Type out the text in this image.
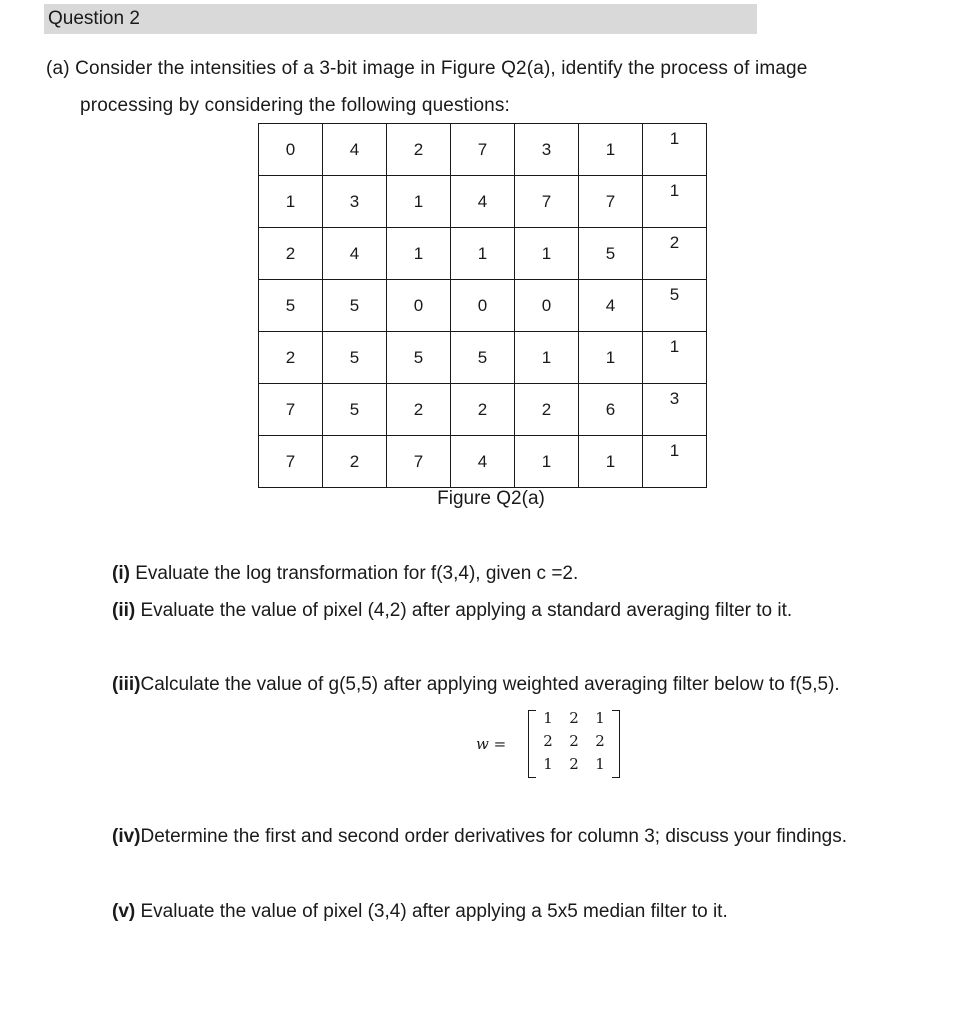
Question 2
(a) Consider the intensities of a 3-bit image in Figure Q2(a), identify the process of image
processing by considering the following questions:
0	4	2	7	3	1	1
1	3	1	4	7	7	1
2	4	1	1	1	5	2
5	5	0	0	0	4	5
2	5	5	5	1	1	1
7	5	2	2	2	6	3
7	2	7	4	1	1	1
Figure Q2(a)
(i) Evaluate the log transformation for f(3,4), given c =2.
(ii) Evaluate the value of pixel (4,2) after applying a standard averaging filter to it.
(iii)Calculate the value of g(5,5) after applying weighted averaging filter below to f(5,5).
w =
1	2	1
2	2	2
1	2	1
(iv)Determine the first and second order derivatives for column 3; discuss your findings.
(v) Evaluate the value of pixel (3,4) after applying a 5x5 median filter to it.
